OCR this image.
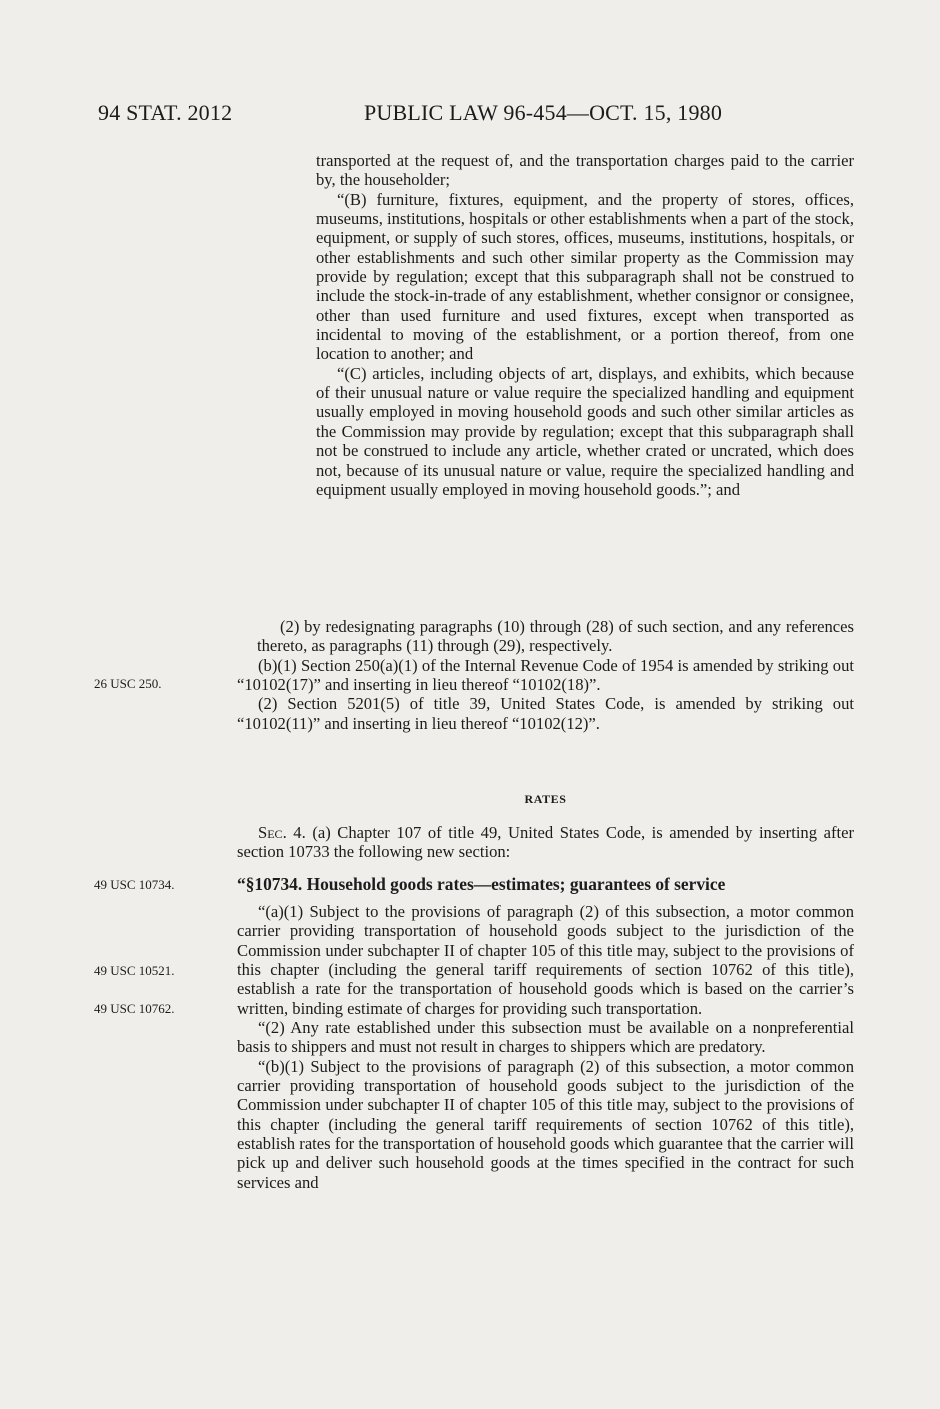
94 STAT. 2012	PUBLIC LAW 96-454—OCT. 15, 1980

transported at the request of, and the transportation charges paid to the carrier by, the householder;

“(B) furniture, fixtures, equipment, and the property of stores, offices, museums, institutions, hospitals or other establishments when a part of the stock, equipment, or supply of such stores, offices, museums, institutions, hospitals, or other establishments and such other similar property as the Commission may provide by regulation; except that this subparagraph shall not be construed to include the stock-in-trade of any establishment, whether consignor or consignee, other than used furniture and used fixtures, except when transported as incidental to moving of the establishment, or a portion thereof, from one location to another; and

“(C) articles, including objects of art, displays, and exhibits, which because of their unusual nature or value require the specialized handling and equipment usually employed in moving household goods and such other similar articles as the Commission may provide by regulation; except that this subparagraph shall not be construed to include any article, whether crated or uncrated, which does not, because of its unusual nature or value, require the specialized handling and equipment usually employed in moving household goods.”; and

(2) by redesignating paragraphs (10) through (28) of such section, and any references thereto, as paragraphs (11) through (29), respectively.

(b)(1) Section 250(a)(1) of the Internal Revenue Code of 1954 is amended by striking out “10102(17)” and inserting in lieu thereof “10102(18)”.

(2) Section 5201(5) of title 39, United States Code, is amended by striking out “10102(11)” and inserting in lieu thereof “10102(12)”.

26 USC 250.
RATES

Sec. 4. (a) Chapter 107 of title 49, United States Code, is amended by inserting after section 10733 the following new section:

49 USC 10734.	“§10734. Household goods rates—estimates; guarantees of service
49 USC 10521.
49 USC 10762.

“(a)(1) Subject to the provisions of paragraph (2) of this subsection, a motor common carrier providing transportation of household goods subject to the jurisdiction of the Commission under subchapter II of chapter 105 of this title may, subject to the provisions of this chapter (including the general tariff requirements of section 10762 of this title), establish a rate for the transportation of household goods which is based on the carrier’s written, binding estimate of charges for providing such transportation.

“(2) Any rate established under this subsection must be available on a nonpreferential basis to shippers and must not result in charges to shippers which are predatory.

“(b)(1) Subject to the provisions of paragraph (2) of this subsection, a motor common carrier providing transportation of household goods subject to the jurisdiction of the Commission under subchapter II of chapter 105 of this title may, subject to the provisions of this chapter (including the general tariff requirements of section 10762 of this title), establish rates for the transportation of household goods which guarantee that the carrier will pick up and deliver such household goods at the times specified in the contract for such services and
